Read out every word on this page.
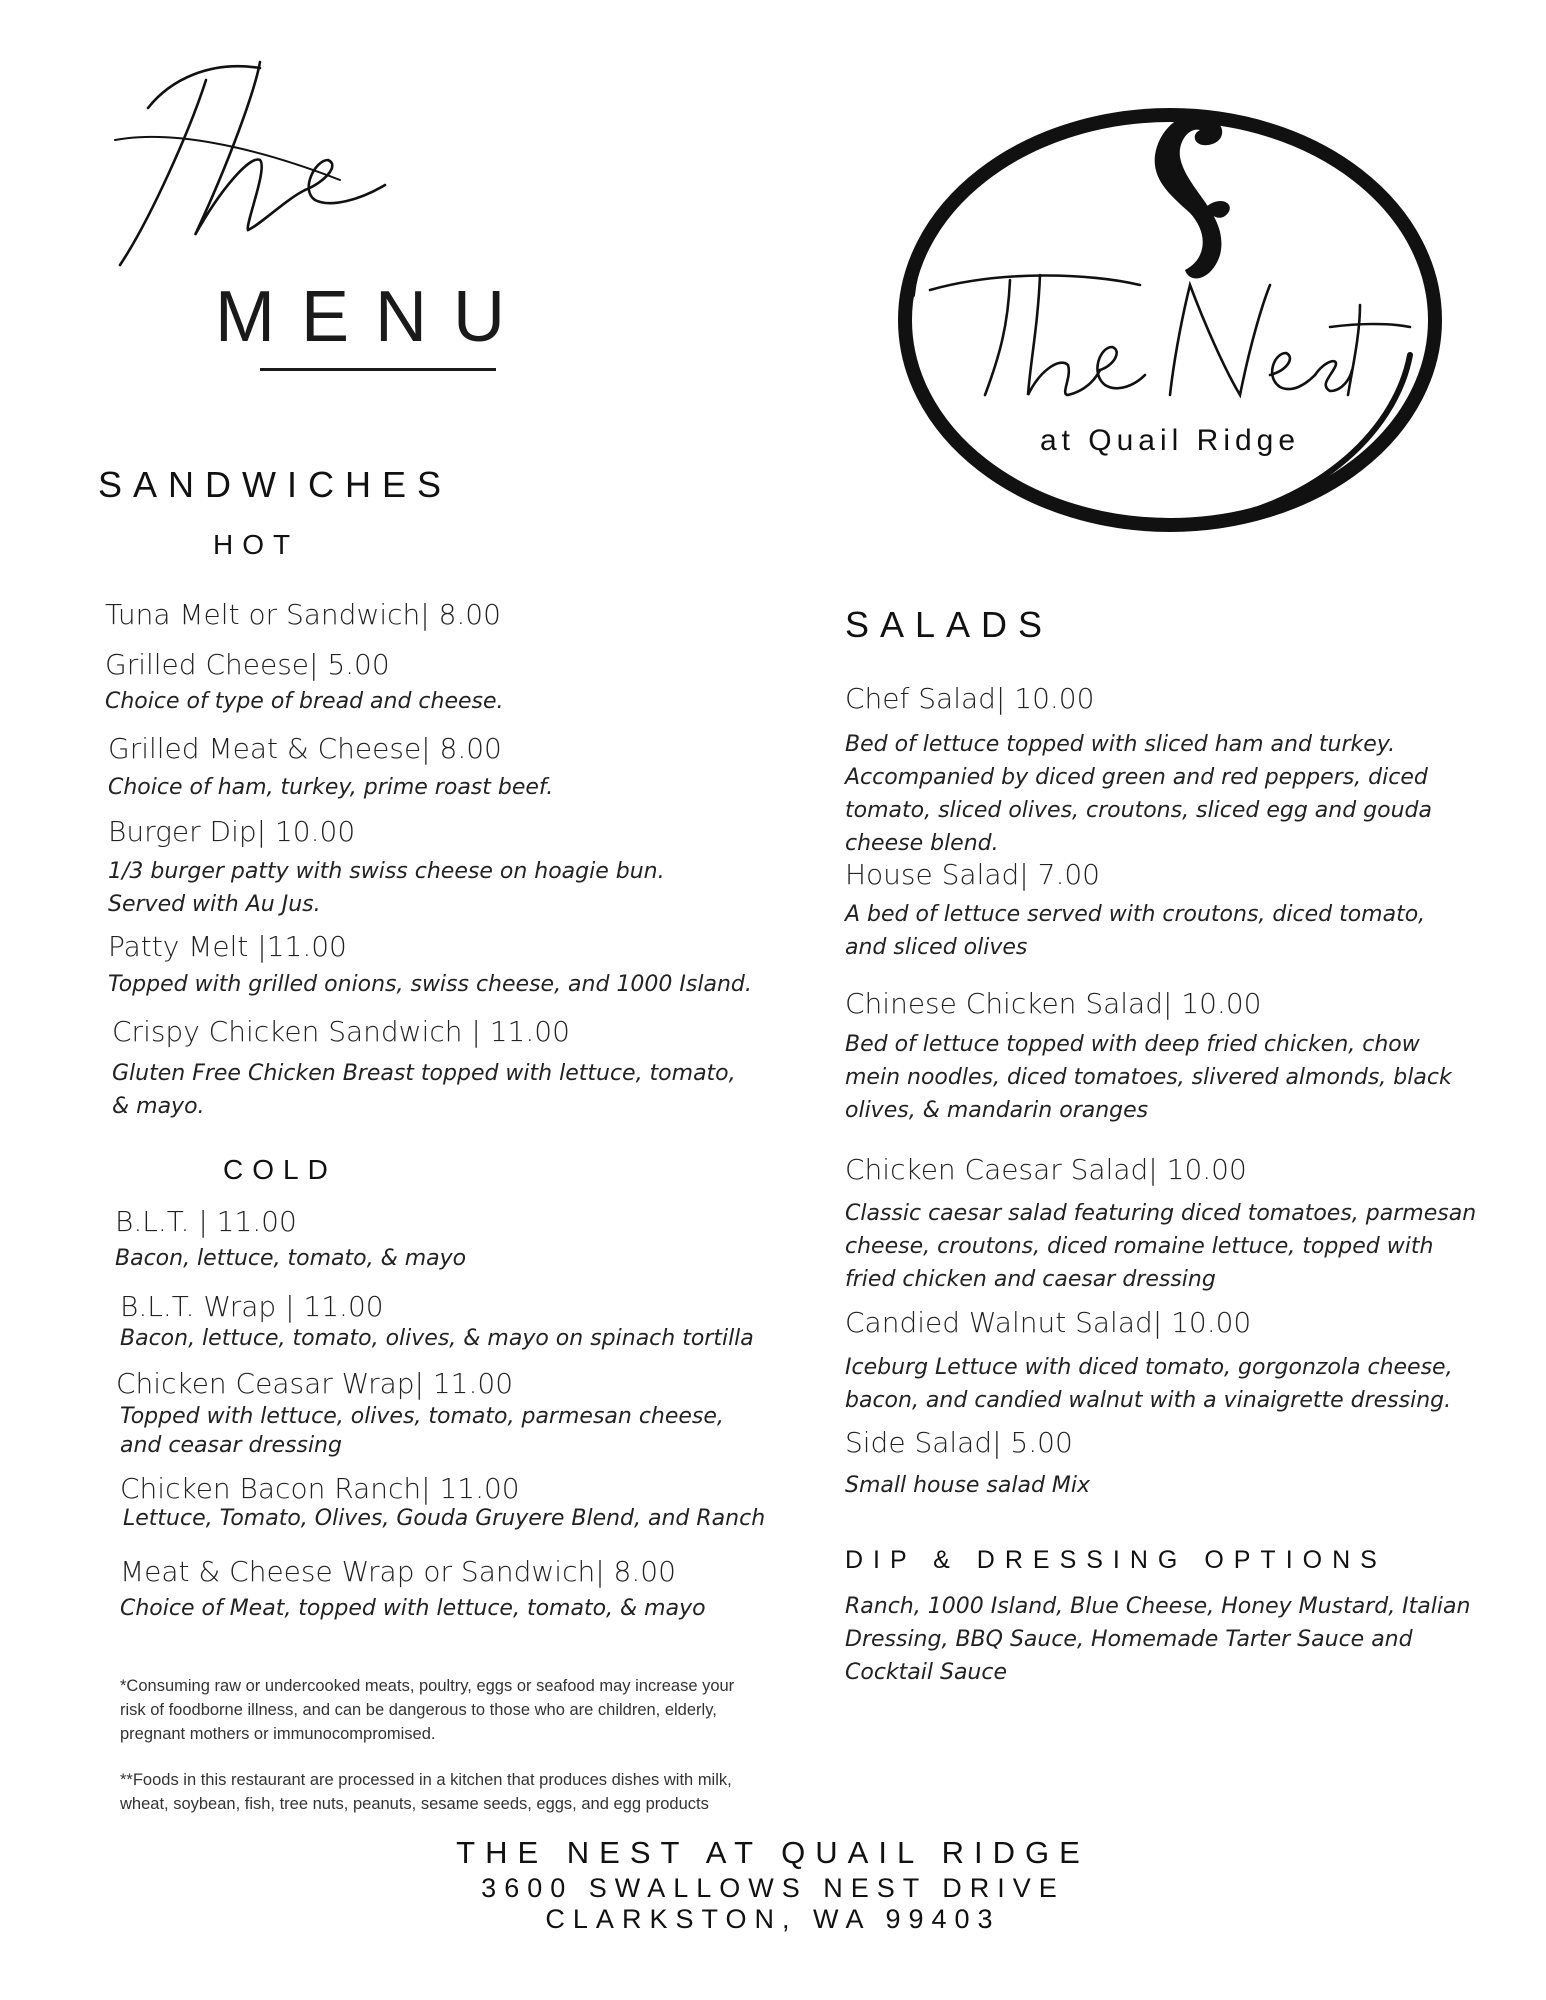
MENU
at Quail Ridge
SANDWICHES
HOT
Tuna Melt or Sandwich| 8.00
Grilled Cheese| 5.00
Choice of type of bread and cheese.
Grilled Meat & Cheese| 8.00
Choice of ham, turkey, prime roast beef.
Burger Dip| 10.00
1/3 burger patty with swiss cheese on hoagie bun. Served with Au Jus.
Patty Melt |11.00
Topped with grilled onions, swiss cheese, and 1000 Island.
Crispy Chicken Sandwich | 11.00
Gluten Free Chicken Breast topped with lettuce, tomato, & mayo.
COLD
B.L.T. | 11.00
Bacon, lettuce, tomato, & mayo
B.L.T. Wrap | 11.00
Bacon, lettuce, tomato, olives, & mayo on spinach tortilla
Chicken Ceasar Wrap| 11.00
Topped with lettuce, olives, tomato, parmesan cheese, and ceasar dressing
Chicken Bacon Ranch| 11.00
Lettuce, Tomato, Olives, Gouda Gruyere Blend, and Ranch
Meat & Cheese Wrap or Sandwich| 8.00
Choice of Meat, topped with lettuce, tomato, & mayo
*Consuming raw or undercooked meats, poultry, eggs or seafood may increase your risk of foodborne illness, and can be dangerous to those who are children, elderly, pregnant mothers or immunocompromised.
**Foods in this restaurant are processed in a kitchen that produces dishes with milk, wheat, soybean, fish, tree nuts, peanuts, sesame seeds, eggs, and egg products
SALADS
Chef Salad| 10.00
Bed of lettuce topped with sliced ham and turkey. Accompanied by diced green and red peppers, diced tomato, sliced olives, croutons, sliced egg and gouda cheese blend.
House Salad| 7.00
A bed of lettuce served with croutons, diced tomato, and sliced olives
Chinese Chicken Salad| 10.00
Bed of lettuce topped with deep fried chicken, chow mein noodles, diced tomatoes, slivered almonds, black olives, & mandarin oranges
Chicken Caesar Salad| 10.00
Classic caesar salad featuring diced tomatoes, parmesan cheese, croutons, diced romaine lettuce, topped with fried chicken and caesar dressing
Candied Walnut Salad| 10.00
Iceburg Lettuce with diced tomato, gorgonzola cheese, bacon, and candied walnut with a vinaigrette dressing.
Side Salad| 5.00
Small house salad Mix
DIP & DRESSING OPTIONS
Ranch, 1000 Island, Blue Cheese, Honey Mustard, Italian Dressing, BBQ Sauce, Homemade Tarter Sauce and Cocktail Sauce
THE NEST AT QUAIL RIDGE
3600 SWALLOWS NEST DRIVE
CLARKSTON, WA 99403
